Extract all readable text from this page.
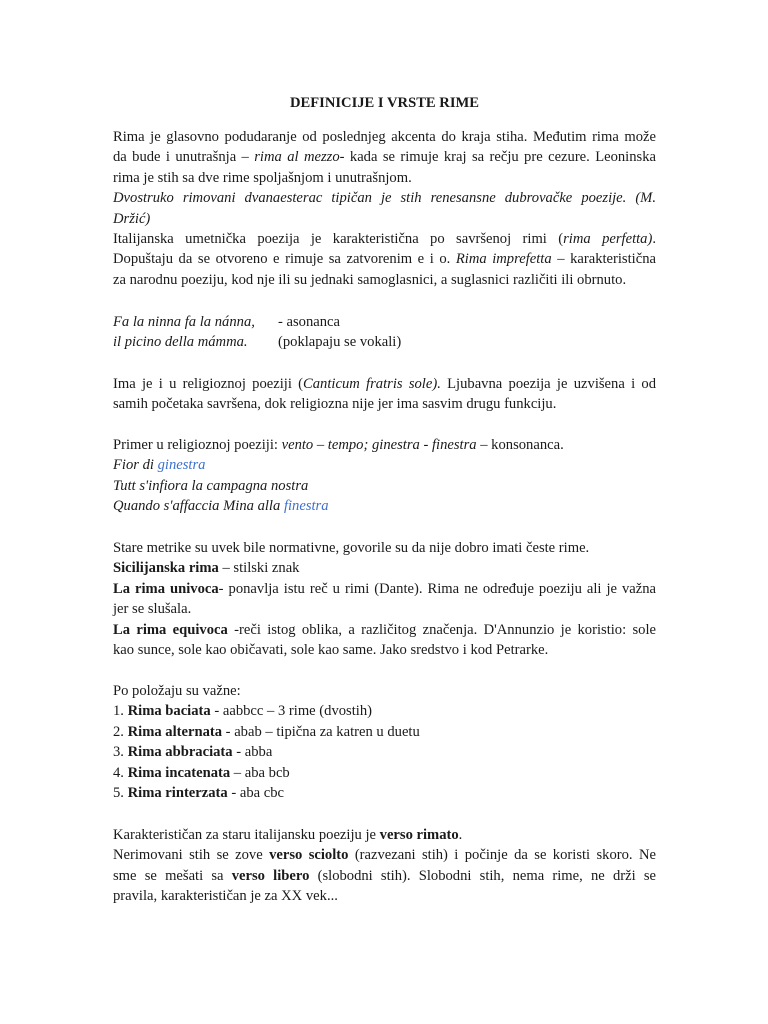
DEFINICIJE I VRSTE RIME

Rima je glasovno podudaranje od poslednjeg akcenta do kraja stiha. Međutim rima može

da bude i unutrašnja – rima al mezzo- kada se rimuje kraj sa rečju pre cezure. Leoninska

rima je stih sa dve rime spoljašnjom i unutrašnjom.

Dvostruko rimovani dvanaesterac tipičan je stih renesansne dubrovačke poezije. (M.

Držić)

Italijanska umetnička poezija je karakteristična po savršenoj rimi (rima perfetta).

Dopuštaju da se otvoreno e rimuje sa zatvorenim e i o. Rima imprefetta – karakteristična

za narodnu poeziju, kod nje ili su jednaki samoglasnici, a suglasnici različiti ili obrnuto.

Fa la ninna fa la nánna,	- asonanca
il picino della mámma.	(poklapaju se vokali)

Ima je i u religioznoj poeziji (Canticum fratris sole). Ljubavna poezija je uzvišena i od

samih početaka savršena, dok religiozna nije jer ima sasvim drugu funkciju.

Primer u religioznoj poeziji: vento – tempo; ginestra - finestra – konsonanca.

Fior di ginestra

Tutt s'infiora la campagna nostra

Quando s'affaccia Mina alla finestra

Stare metrike su uvek bile normativne, govorile su da nije dobro imati česte rime.

Sicilijanska rima – stilski znak

La rima univoca- ponavlja istu reč u rimi (Dante). Rima ne određuje poeziju ali je važna

jer se slušala.

La rima equivoca -reči istog oblika, a različitog značenja. D'Annunzio je koristio: sole

kao sunce, sole kao običavati, sole kao same. Jako sredstvo i kod Petrarke.

Po položaju su važne:

1. Rima baciata - aabbcc – 3 rime (dvostih)

2. Rima alternata - abab – tipična za katren u duetu

3. Rima abbraciata - abba

4. Rima incatenata – aba bcb

5. Rima rinterzata - aba cbc

Karakterističan za staru italijansku poeziju je verso rimato.

Nerimovani stih se zove verso sciolto (razvezani stih) i počinje da se koristi skoro. Ne

sme se mešati sa verso libero (slobodni stih). Slobodni stih, nema rime, ne drži se

pravila, karakterističan je za XX vek...
